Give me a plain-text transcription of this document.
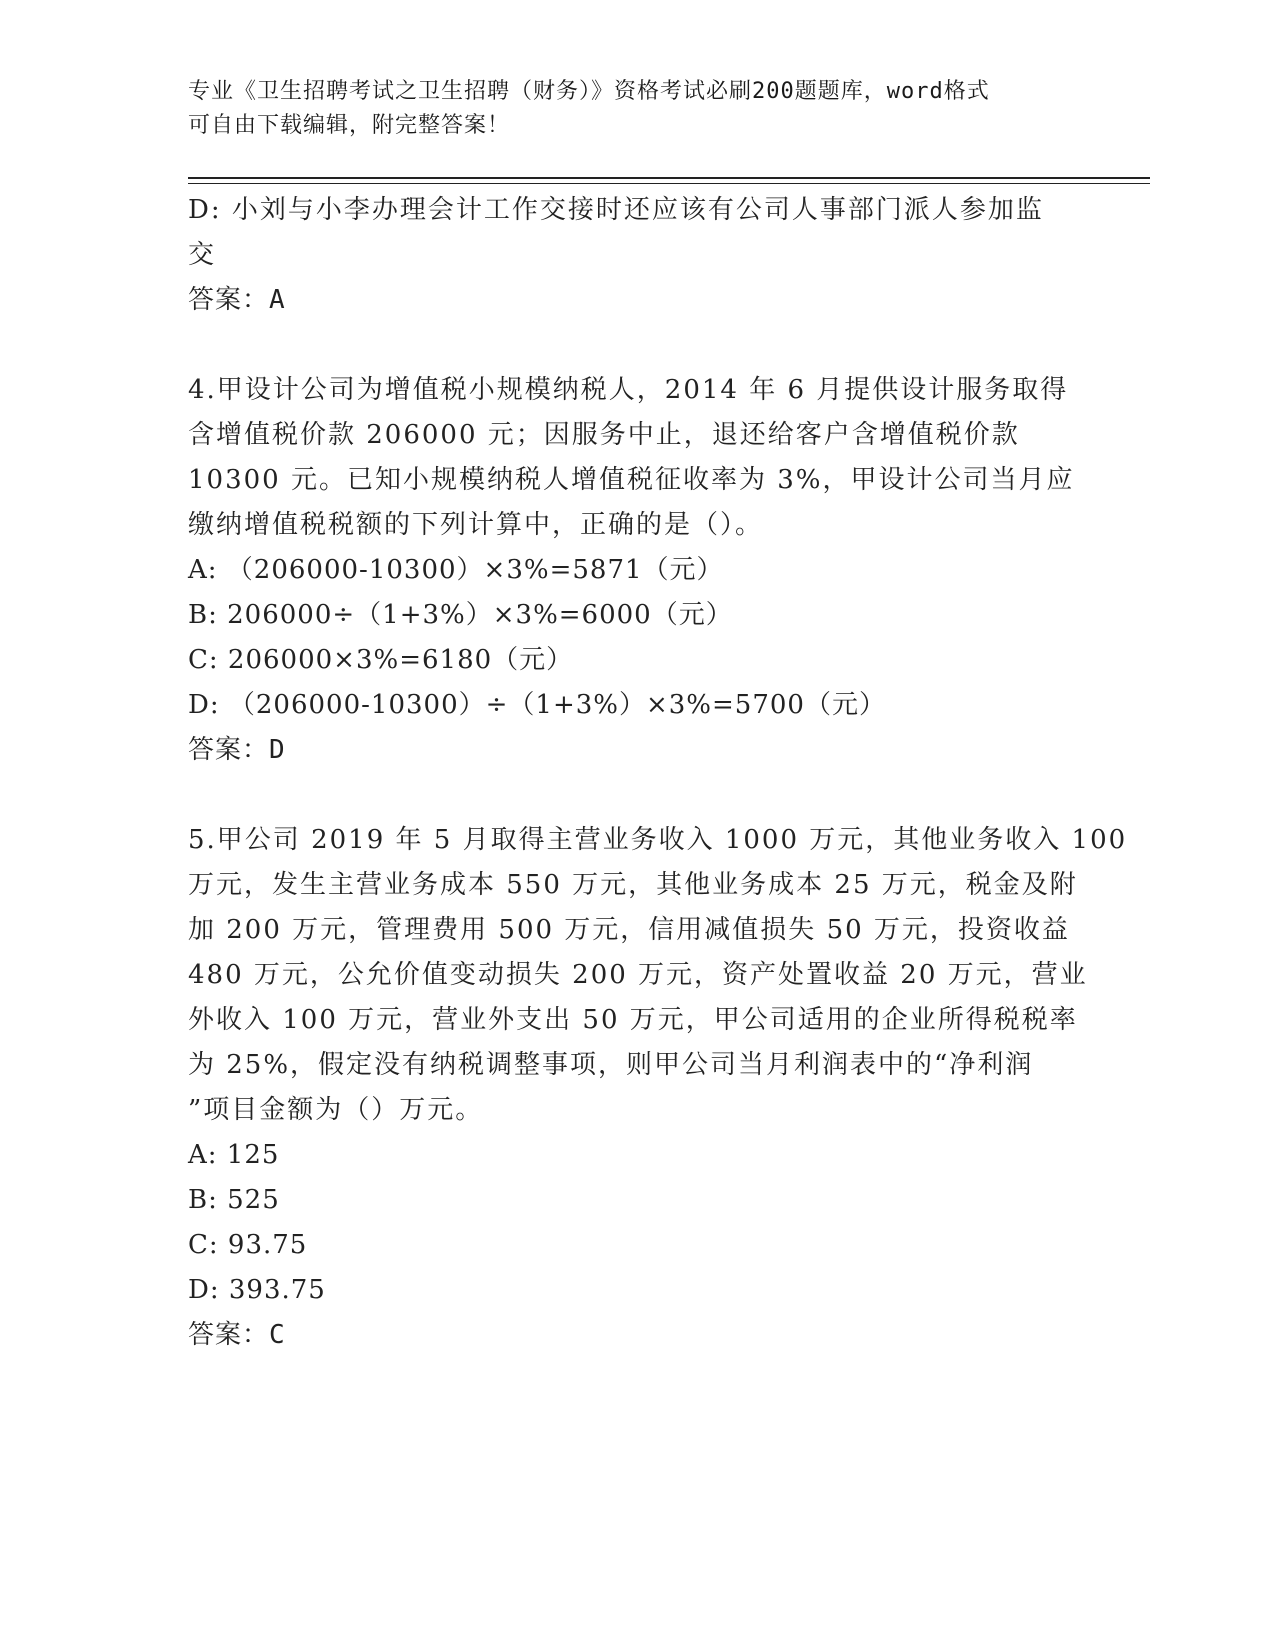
专业《卫生招聘考试之卫生招聘（财务）》资格考试必刷200题题库，word格式
可自由下载编辑，附完整答案！
D: 小刘与小李办理会计工作交接时还应该有公司人事部门派人参加监
交
答案：A
4.甲设计公司为增值税小规模纳税人，2014 年 6 月提供设计服务取得
含增值税价款 206000 元；因服务中止，退还给客户含增值税价款
10300 元。已知小规模纳税人增值税征收率为 3%，甲设计公司当月应
缴纳增值税税额的下列计算中，正确的是（）。
A: （206000-10300）×3%=5871（元）
B: 206000÷（1+3%）×3%=6000（元）
C: 206000×3%=6180（元）
D: （206000-10300）÷（1+3%）×3%=5700（元）
答案：D
5.甲公司 2019 年 5 月取得主营业务收入 1000 万元，其他业务收入 100
万元，发生主营业务成本 550 万元，其他业务成本 25 万元，税金及附
加 200 万元，管理费用 500 万元，信用减值损失 50 万元，投资收益
480 万元，公允价值变动损失 200 万元，资产处置收益 20 万元，营业
外收入 100 万元，营业外支出 50 万元，甲公司适用的企业所得税税率
为 25%，假定没有纳税调整事项，则甲公司当月利润表中的“净利润
”项目金额为（）万元。
A: 125
B: 525
C: 93.75
D: 393.75
答案：C
